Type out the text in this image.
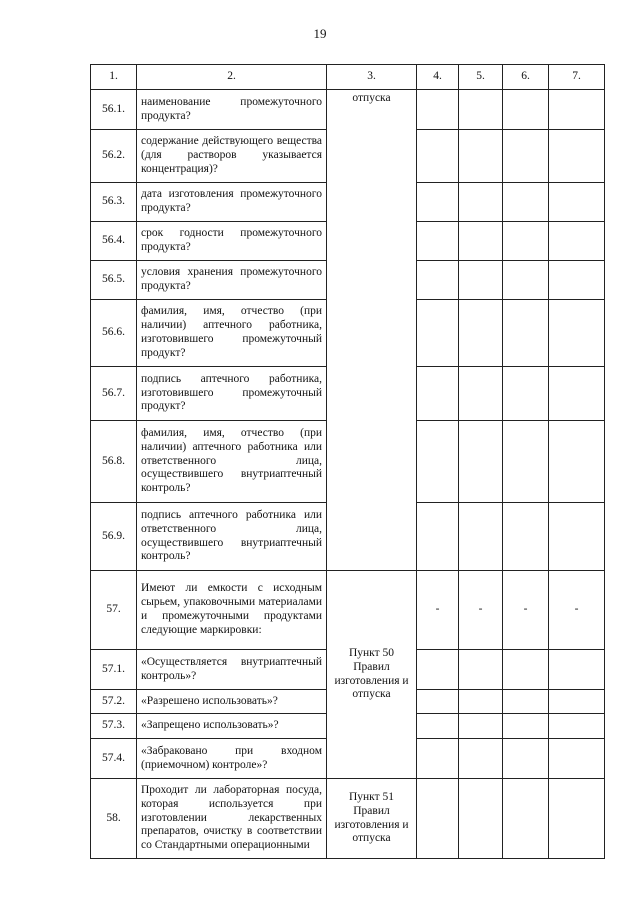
19
1.	2.	3.	4.	5.	6.	7.
56.1.	наименование промежуточного продукта?	отпуска				
56.2.	содержание действующего вещества (для растворов указывается концентрация)?					
56.3.	дата изготовления промежуточного продукта?					
56.4.	срок годности промежуточного продукта?					
56.5.	условия хранения промежуточного продукта?					
56.6.	фамилия, имя, отчество (при наличии) аптечного работника, изготовившего промежуточный продукт?					
56.7.	подпись аптечного работника, изготовившего промежуточный продукт?					
56.8.	фамилия, имя, отчество (при наличии) аптечного работника или ответственного лица, осуществившего внутриаптечный контроль?					
56.9.	подпись аптечного работника или ответственного лица, осуществившего внутриаптечный контроль?					
57.	Имеют ли емкости с исходным сырьем, упаковочными материалами и промежуточными продуктами следующие маркировки:	Пункт 50 Правил изготовления и отпуска	-	-	-	-
57.1.	«Осуществляется внутриаптечный контроль»?					
57.2.	«Разрешено использовать»?					
57.3.	«Запрещено использовать»?					
57.4.	«Забраковано при входном (приемочном) контроле»?					
58.	Проходит ли лабораторная посуда, которая используется при изготовлении лекарственных препаратов, очистку в соответствии со Стандартными операционными	Пункт 51 Правил изготовления и отпуска				
